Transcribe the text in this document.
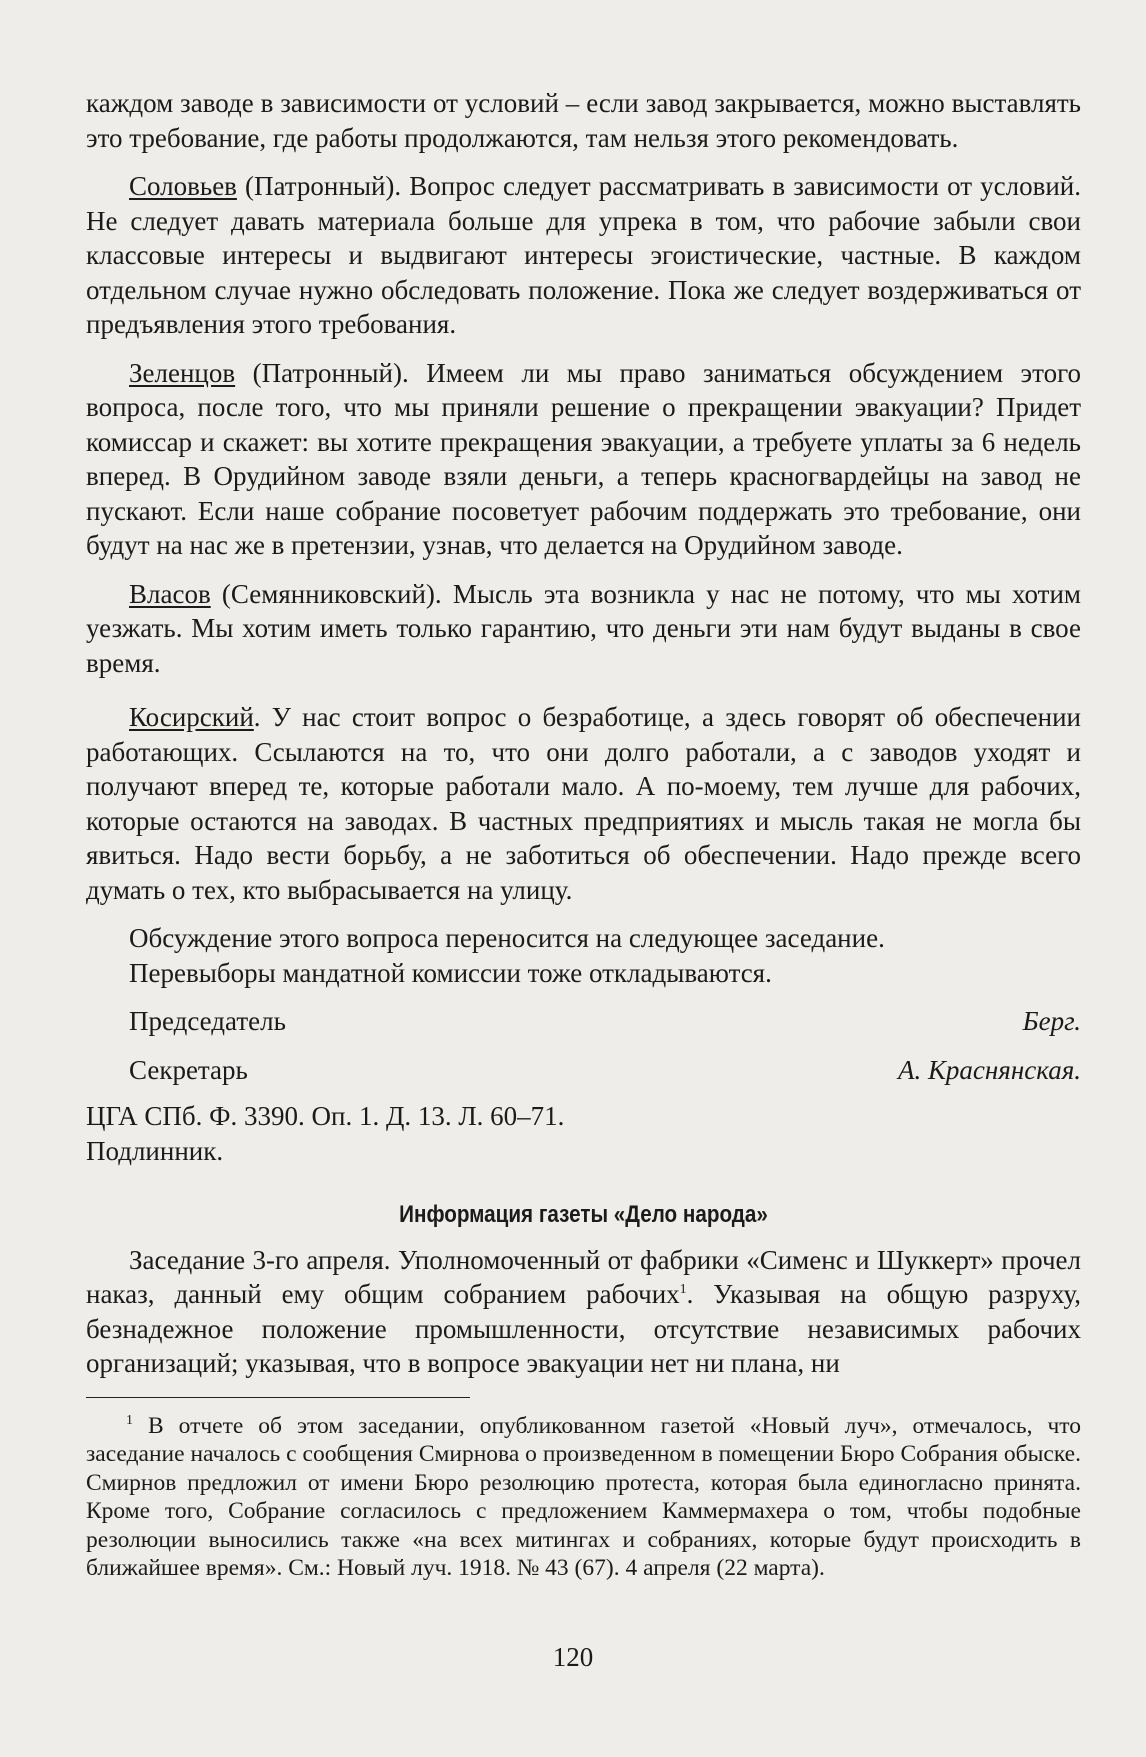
каждом заводе в зависимости от условий – если завод закрывается, можно выставлять это требование, где работы продолжаются, там нельзя этого рекомендовать.

Соловьев (Патронный). Вопрос следует рассматривать в зависимости от условий. Не следует давать материала больше для упрека в том, что рабочие забыли свои классовые интересы и выдвигают интересы эгоистические, частные. В каждом отдельном случае нужно обследовать положение. Пока же следует воздерживаться от предъявления этого требования.

Зеленцов (Патронный). Имеем ли мы право заниматься обсуждением этого вопроса, после того, что мы приняли решение о прекращении эвакуации? Придет комиссар и скажет: вы хотите прекращения эвакуации, а требуете уплаты за 6 недель вперед. В Орудийном заводе взяли деньги, а теперь красногвардейцы на завод не пускают. Если наше собрание посоветует рабочим поддержать это требование, они будут на нас же в претензии, узнав, что делается на Орудийном заводе.

Власов (Семянниковский). Мысль эта возникла у нас не потому, что мы хотим уезжать. Мы хотим иметь только гарантию, что деньги эти нам будут выданы в свое время.

Косирский. У нас стоит вопрос о безработице, а здесь говорят об обеспечении работающих. Ссылаются на то, что они долго работали, а с заводов уходят и получают вперед те, которые работали мало. А по-моему, тем лучше для рабочих, которые остаются на заводах. В частных предприятиях и мысль такая не могла бы явиться. Надо вести борьбу, а не заботиться об обеспечении. Надо прежде всего думать о тех, кто выбрасывается на улицу.

Обсуждение этого вопроса переносится на следующее заседание.

Перевыборы мандатной комиссии тоже откладываются.

Председатель	Берг.
Секретарь	А. Краснянская.
ЦГА СПб. Ф. 3390. Оп. 1. Д. 13. Л. 60–71.
Подлинник.
Информация газеты «Дело народа»

Заседание 3-го апреля. Уполномоченный от фабрики «Сименс и Шуккерт» прочел наказ, данный ему общим собранием рабочих$^1$. Указывая на общую разруху, безнадежное положение промышленности, отсутствие независимых рабочих организаций; указывая, что в вопросе эвакуации нет ни плана, ни

$^1$ В отчете об этом заседании, опубликованном газетой «Новый луч», отмечалось, что заседание началось с сообщения Смирнова о произведенном в помещении Бюро Собрания обыске. Смирнов предложил от имени Бюро резолюцию протеста, которая была единогласно принята. Кроме того, Собрание согласилось с предложением Каммермахера о том, чтобы подобные резолюции выносились также «на всех митингах и собраниях, которые будут происходить в ближайшее время». См.: Новый луч. 1918. № 43 (67). 4 апреля (22 марта).

120
